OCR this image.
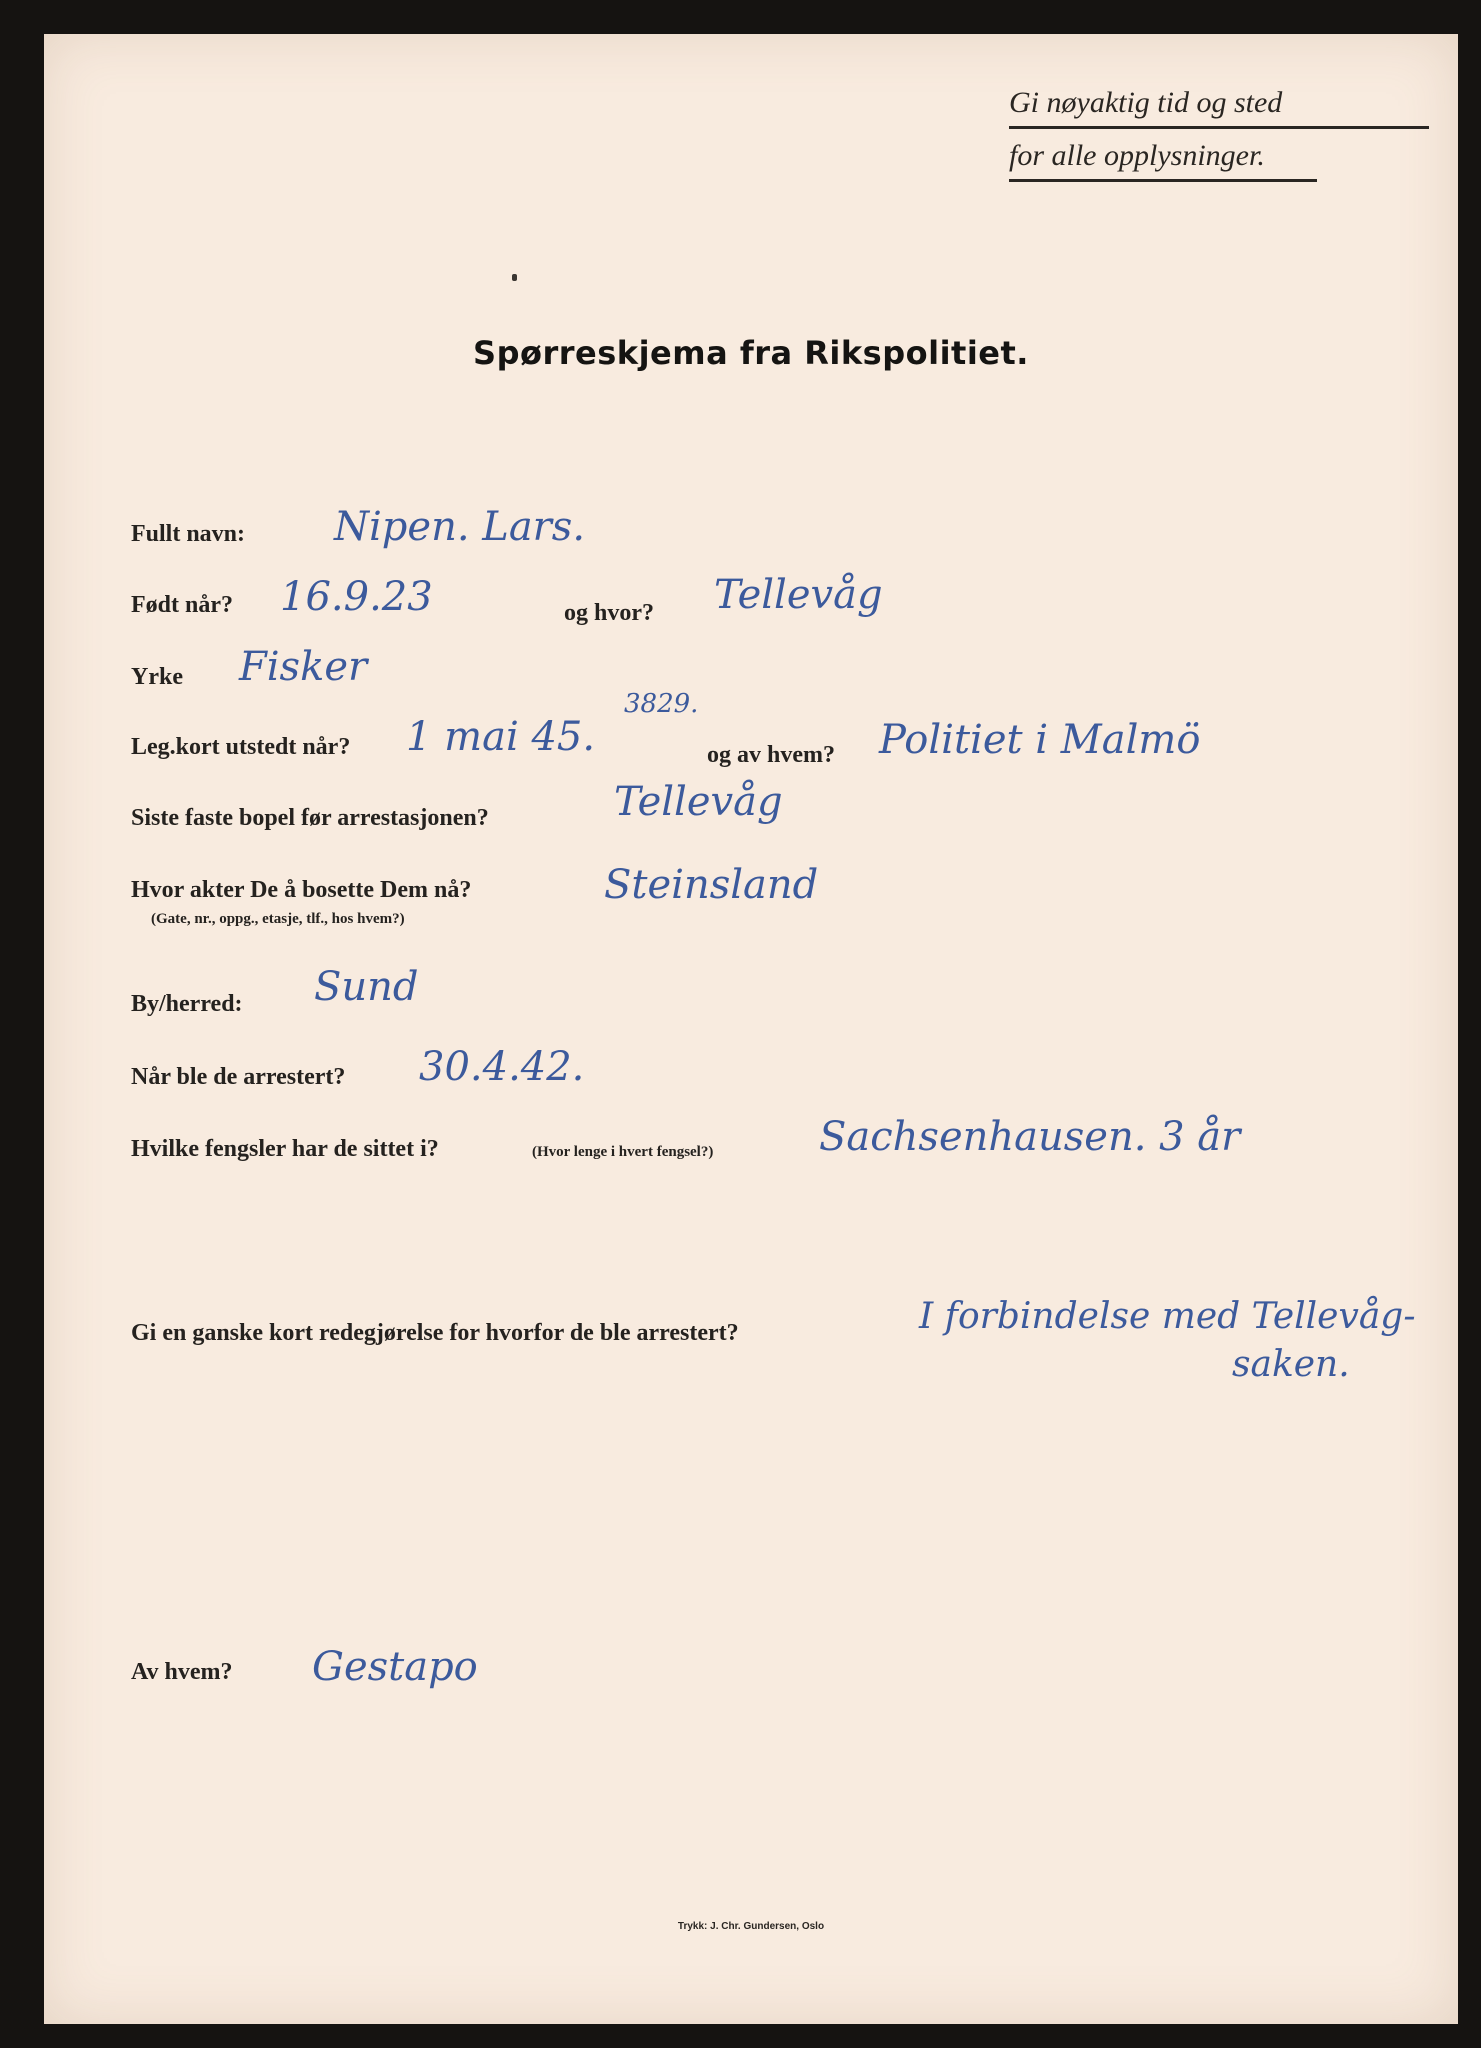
Gi nøyaktig tid og sted
for alle opplysninger.
Spørreskjema fra Rikspolitiet.
Fullt navn: Nipen. Lars.
Født når? 16.9.23	og hvor? Tellevåg
Yrke Fisker
Leg.kort utstedt når? 1 mai 45.
3829.
og av hvem? Politiet i Malmö
Siste faste bopel før arrestasjonen?	Tellevåg
Hvor akter De å bosette Dem nå?
(Gate, nr., oppg., etasje, tlf., hos hvem?)
Steinsland
By/herred: Sund
Når ble de arrestert? 30.4.42.
Hvilke fengsler har de sittet i?	(Hvor lenge i hvert fengsel?)	Sachsenhausen. 3 år
Gi en ganske kort redegjørelse for hvorfor de ble arrestert?	I forbindelse med Tellevåg-
saken.
Av hvem? Gestapo
Trykk: J. Chr. Gundersen, Oslo
